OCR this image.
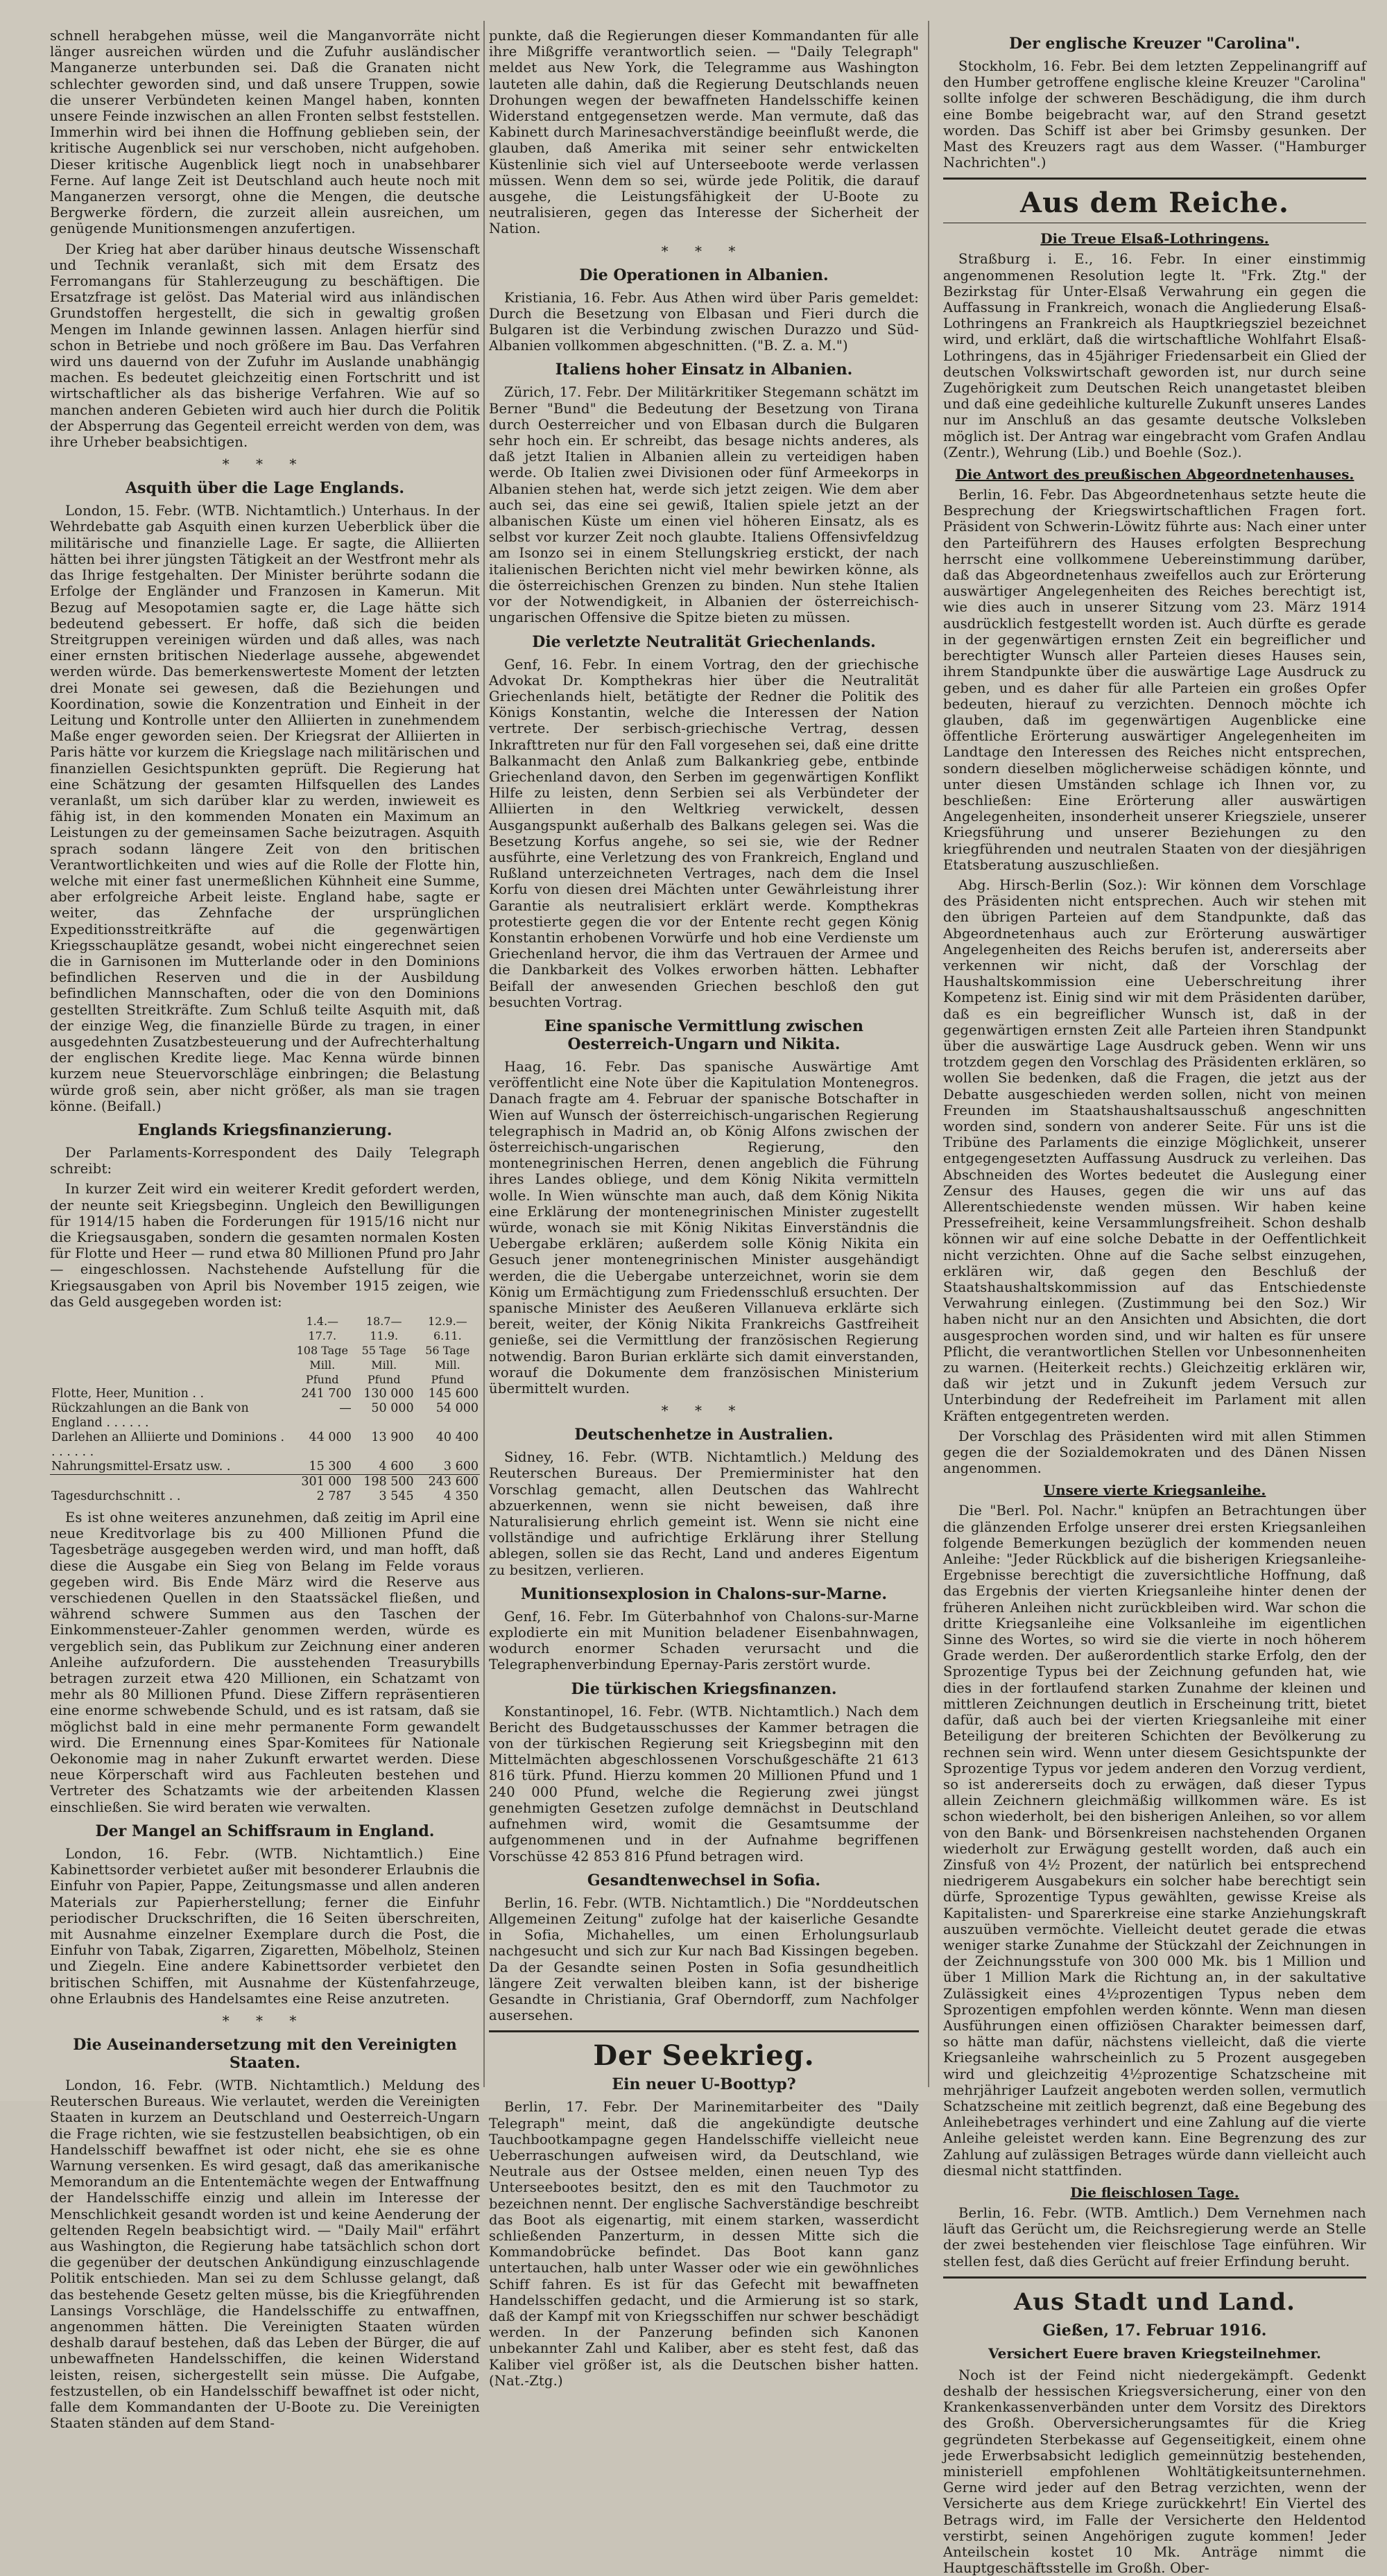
schnell herabgehen müsse, weil die Manganvorräte nicht länger ausreichen würden und die Zufuhr ausländischer Manganerze unterbunden sei. Daß die Granaten nicht schlechter geworden sind, und daß unsere Truppen, sowie die unserer Verbündeten keinen Mangel haben, konnten unsere Feinde inzwischen an allen Fronten selbst feststellen. Immerhin wird bei ihnen die Hoffnung geblieben sein, der kritische Augenblick sei nur verschoben, nicht aufgehoben. Dieser kritische Augenblick liegt noch in unabsehbarer Ferne. Auf lange Zeit ist Deutschland auch heute noch mit Manganerzen versorgt, ohne die Mengen, die deutsche Bergwerke fördern, die zurzeit allein ausreichen, um genügende Munitionsmengen anzufertigen.

Der Krieg hat aber darüber hinaus deutsche Wissenschaft und Technik veranlaßt, sich mit dem Ersatz des Ferromangans für Stahlerzeugung zu beschäftigen. Die Ersatzfrage ist gelöst. Das Material wird aus inländischen Grundstoffen hergestellt, die sich in gewaltig großen Mengen im Inlande gewinnen lassen. Anlagen hierfür sind schon in Betriebe und noch größere im Bau. Das Verfahren wird uns dauernd von der Zufuhr im Auslande unabhängig machen. Es bedeutet gleichzeitig einen Fortschritt und ist wirtschaftlicher als das bisherige Verfahren. Wie auf so manchen anderen Gebieten wird auch hier durch die Politik der Absperrung das Gegenteil erreicht werden von dem, was ihre Urheber beabsichtigen.

* * *
Asquith über die Lage Englands.

London, 15. Febr. (WTB. Nichtamtlich.) Unterhaus. In der Wehrdebatte gab Asquith einen kurzen Ueberblick über die militärische und finanzielle Lage. Er sagte, die Alliierten hätten bei ihrer jüngsten Tätigkeit an der Westfront mehr als das Ihrige festgehalten. Der Minister berührte sodann die Erfolge der Engländer und Franzosen in Kamerun. Mit Bezug auf Mesopotamien sagte er, die Lage hätte sich bedeutend gebessert. Er hoffe, daß sich die beiden Streitgruppen vereinigen würden und daß alles, was nach einer ernsten britischen Niederlage aussehe, abgewendet werden würde. Das bemerkenswerteste Moment der letzten drei Monate sei gewesen, daß die Beziehungen und Koordination, sowie die Konzentration und Einheit in der Leitung und Kontrolle unter den Alliierten in zunehmendem Maße enger geworden seien. Der Kriegsrat der Alliierten in Paris hätte vor kurzem die Kriegslage nach militärischen und finanziellen Gesichtspunkten geprüft. Die Regierung hat eine Schätzung der gesamten Hilfsquellen des Landes veranlaßt, um sich darüber klar zu werden, inwieweit es fähig ist, in den kommenden Monaten ein Maximum an Leistungen zu der gemeinsamen Sache beizutragen. Asquith sprach sodann längere Zeit von den britischen Verantwortlichkeiten und wies auf die Rolle der Flotte hin, welche mit einer fast unermeßlichen Kühnheit eine Summe, aber erfolgreiche Arbeit leiste. England habe, sagte er weiter, das Zehnfache der ursprünglichen Expeditionsstreitkräfte auf die gegenwärtigen Kriegsschauplätze gesandt, wobei nicht eingerechnet seien die in Garnisonen im Mutterlande oder in den Dominions befindlichen Reserven und die in der Ausbildung befindlichen Mannschaften, oder die von den Dominions gestellten Streitkräfte. Zum Schluß teilte Asquith mit, daß der einzige Weg, die finanzielle Bürde zu tragen, in einer ausgedehnten Zusatzbesteuerung und der Aufrechterhaltung der englischen Kredite liege. Mac Kenna würde binnen kurzem neue Steuervorschläge einbringen; die Belastung würde groß sein, aber nicht größer, als man sie tragen könne. (Beifall.)

Englands Kriegsfinanzierung.

Der Parlaments-Korrespondent des Daily Telegraph schreibt:

In kurzer Zeit wird ein weiterer Kredit gefordert werden, der neunte seit Kriegsbeginn. Ungleich den Bewilligungen für 1914/15 haben die Forderungen für 1915/16 nicht nur die Kriegsausgaben, sondern die gesamten normalen Kosten für Flotte und Heer — rund etwa 80 Millionen Pfund pro Jahr — eingeschlossen. Nachstehende Aufstellung für die Kriegsausgaben von April bis November 1915 zeigen, wie das Geld ausgegeben worden ist:

	1.4.—17.7.	18.7—11.9.	12.9.—6.11.
	108 Tage	55 Tage	56 Tage
	Mill. Pfund	Mill. Pfund	Mill. Pfund
Flotte, Heer, Munition . .	241 700	130 000	145 600
Rückzahlungen an die Bank von England . . . . . .	—	50 000	54 000
Darlehen an Alliierte und Dominions . . . . . . .	44 000	13 900	40 400
Nahrungsmittel-Ersatz usw. .	15 300	4 600	3 600
	301 000	198 500	243 600
Tagesdurchschnitt . .	2 787	3 545	4 350

Es ist ohne weiteres anzunehmen, daß zeitig im April eine neue Kreditvorlage bis zu 400 Millionen Pfund die Tagesbeträge ausgegeben werden wird, und man hofft, daß diese die Ausgabe ein Sieg von Belang im Felde voraus gegeben wird. Bis Ende März wird die Reserve aus verschiedenen Quellen in den Staatssäckel fließen, und während schwere Summen aus den Taschen der Einkommensteuer-Zahler genommen werden, würde es vergeblich sein, das Publikum zur Zeichnung einer anderen Anleihe aufzufordern. Die ausstehenden Treasurybills betragen zurzeit etwa 420 Millionen, ein Schatzamt von mehr als 80 Millionen Pfund. Diese Ziffern repräsentieren eine enorme schwebende Schuld, und es ist ratsam, daß sie möglichst bald in eine mehr permanente Form gewandelt wird. Die Ernennung eines Spar-Komitees für Nationale Oekonomie mag in naher Zukunft erwartet werden. Diese neue Körperschaft wird aus Fachleuten bestehen und Vertreter des Schatzamts wie der arbeitenden Klassen einschließen. Sie wird beraten wie verwalten.

Der Mangel an Schiffsraum in England.

London, 16. Febr. (WTB. Nichtamtlich.) Eine Kabinettsorder verbietet außer mit besonderer Erlaubnis die Einfuhr von Papier, Pappe, Zeitungsmasse und allen anderen Materials zur Papierherstellung; ferner die Einfuhr periodischer Druckschriften, die 16 Seiten überschreiten, mit Ausnahme einzelner Exemplare durch die Post, die Einfuhr von Tabak, Zigarren, Zigaretten, Möbelholz, Steinen und Ziegeln. Eine andere Kabinettsorder verbietet den britischen Schiffen, mit Ausnahme der Küstenfahrzeuge, ohne Erlaubnis des Handelsamtes eine Reise anzutreten.

* * *
Die Auseinandersetzung mit den Vereinigten Staaten.

London, 16. Febr. (WTB. Nichtamtlich.) Meldung des Reuterschen Bureaus. Wie verlautet, werden die Vereinigten Staaten in kurzem an Deutschland und Oesterreich-Ungarn die Frage richten, wie sie festzustellen beabsichtigen, ob ein Handelsschiff bewaffnet ist oder nicht, ehe sie es ohne Warnung versenken. Es wird gesagt, daß das amerikanische Memorandum an die Ententemächte wegen der Entwaffnung der Handelsschiffe einzig und allein im Interesse der Menschlichkeit gesandt worden ist und keine Aenderung der geltenden Regeln beabsichtigt wird. — "Daily Mail" erfährt aus Washington, die Regierung habe tatsächlich schon dort die gegenüber der deutschen Ankündigung einzuschlagende Politik entschieden. Man sei zu dem Schlusse gelangt, daß das bestehende Gesetz gelten müsse, bis die Kriegführenden Lansings Vorschläge, die Handelsschiffe zu entwaffnen, angenommen hätten. Die Vereinigten Staaten würden deshalb darauf bestehen, daß das Leben der Bürger, die auf unbewaffneten Handelsschiffen, die keinen Widerstand leisten, reisen, sichergestellt sein müsse. Die Aufgabe, festzustellen, ob ein Handelsschiff bewaffnet ist oder nicht, falle dem Kommandanten der U-Boote zu. Die Vereinigten Staaten ständen auf dem Stand-

punkte, daß die Regierungen dieser Kommandanten für alle ihre Mißgriffe verantwortlich seien. — "Daily Telegraph" meldet aus New York, die Telegramme aus Washington lauteten alle dahin, daß die Regierung Deutschlands neuen Drohungen wegen der bewaffneten Handelsschiffe keinen Widerstand entgegensetzen werde. Man vermute, daß das Kabinett durch Marinesachverständige beeinflußt werde, die glauben, daß Amerika mit seiner sehr entwickelten Küstenlinie sich viel auf Unterseeboote werde verlassen müssen. Wenn dem so sei, würde jede Politik, die darauf ausgehe, die Leistungsfähigkeit der U-Boote zu neutralisieren, gegen das Interesse der Sicherheit der Nation.

* * *
Die Operationen in Albanien.

Kristiania, 16. Febr. Aus Athen wird über Paris gemeldet: Durch die Besetzung von Elbasan und Fieri durch die Bulgaren ist die Verbindung zwischen Durazzo und Süd-Albanien vollkommen abgeschnitten. ("B. Z. a. M.")

Italiens hoher Einsatz in Albanien.

Zürich, 17. Febr. Der Militärkritiker Stegemann schätzt im Berner "Bund" die Bedeutung der Besetzung von Tirana durch Oesterreicher und von Elbasan durch die Bulgaren sehr hoch ein. Er schreibt, das besage nichts anderes, als daß jetzt Italien in Albanien allein zu verteidigen haben werde. Ob Italien zwei Divisionen oder fünf Armeekorps in Albanien stehen hat, werde sich jetzt zeigen. Wie dem aber auch sei, das eine sei gewiß, Italien spiele jetzt an der albanischen Küste um einen viel höheren Einsatz, als es selbst vor kurzer Zeit noch glaubte. Italiens Offensivfeldzug am Isonzo sei in einem Stellungskrieg erstickt, der nach italienischen Berichten nicht viel mehr bewirken könne, als die österreichischen Grenzen zu binden. Nun stehe Italien vor der Notwendigkeit, in Albanien der österreichisch-ungarischen Offensive die Spitze bieten zu müssen.

Die verletzte Neutralität Griechenlands.

Genf, 16. Febr. In einem Vortrag, den der griechische Advokat Dr. Kompthekras hier über die Neutralität Griechenlands hielt, betätigte der Redner die Politik des Königs Konstantin, welche die Interessen der Nation vertrete. Der serbisch-griechische Vertrag, dessen Inkrafttreten nur für den Fall vorgesehen sei, daß eine dritte Balkanmacht den Anlaß zum Balkankrieg gebe, entbinde Griechenland davon, den Serben im gegenwärtigen Konflikt Hilfe zu leisten, denn Serbien sei als Verbündeter der Alliierten in den Weltkrieg verwickelt, dessen Ausgangspunkt außerhalb des Balkans gelegen sei. Was die Besetzung Korfus angehe, so sei sie, wie der Redner ausführte, eine Verletzung des von Frankreich, England und Rußland unterzeichneten Vertrages, nach dem die Insel Korfu von diesen drei Mächten unter Gewährleistung ihrer Garantie als neutralisiert erklärt werde. Kompthekras protestierte gegen die vor der Entente recht gegen König Konstantin erhobenen Vorwürfe und hob eine Verdienste um Griechenland hervor, die ihm das Vertrauen der Armee und die Dankbarkeit des Volkes erworben hätten. Lebhafter Beifall der anwesenden Griechen beschloß den gut besuchten Vortrag.

Eine spanische Vermittlung zwischen Oesterreich-Ungarn und Nikita.

Haag, 16. Febr. Das spanische Auswärtige Amt veröffentlicht eine Note über die Kapitulation Montenegros. Danach fragte am 4. Februar der spanische Botschafter in Wien auf Wunsch der österreichisch-ungarischen Regierung telegraphisch in Madrid an, ob König Alfons zwischen der österreichisch-ungarischen Regierung, den montenegrinischen Herren, denen angeblich die Führung ihres Landes obliege, und dem König Nikita vermitteln wolle. In Wien wünschte man auch, daß dem König Nikita eine Erklärung der montenegrinischen Minister zugestellt würde, wonach sie mit König Nikitas Einverständnis die Uebergabe erklären; außerdem solle König Nikita ein Gesuch jener montenegrinischen Minister ausgehändigt werden, die die Uebergabe unterzeichnet, worin sie dem König um Ermächtigung zum Friedensschluß ersuchten. Der spanische Minister des Aeußeren Villanueva erklärte sich bereit, weiter, der König Nikita Frankreichs Gastfreiheit genieße, sei die Vermittlung der französischen Regierung notwendig. Baron Burian erklärte sich damit einverstanden, worauf die Dokumente dem französischen Ministerium übermittelt wurden.

* * *
Deutschenhetze in Australien.

Sidney, 16. Febr. (WTB. Nichtamtlich.) Meldung des Reuterschen Bureaus. Der Premierminister hat den Vorschlag gemacht, allen Deutschen das Wahlrecht abzuerkennen, wenn sie nicht beweisen, daß ihre Naturalisierung ehrlich gemeint ist. Wenn sie nicht eine vollständige und aufrichtige Erklärung ihrer Stellung ablegen, sollen sie das Recht, Land und anderes Eigentum zu besitzen, verlieren.

Munitionsexplosion in Chalons-sur-Marne.

Genf, 16. Febr. Im Güterbahnhof von Chalons-sur-Marne explodierte ein mit Munition beladener Eisenbahnwagen, wodurch enormer Schaden verursacht und die Telegraphenverbindung Epernay-Paris zerstört wurde.

Die türkischen Kriegsfinanzen.

Konstantinopel, 16. Febr. (WTB. Nichtamtlich.) Nach dem Bericht des Budgetausschusses der Kammer betragen die von der türkischen Regierung seit Kriegsbeginn mit den Mittelmächten abgeschlossenen Vorschußgeschäfte 21 613 816 türk. Pfund. Hierzu kommen 20 Millionen Pfund und 1 240 000 Pfund, welche die Regierung zwei jüngst genehmigten Gesetzen zufolge demnächst in Deutschland aufnehmen wird, womit die Gesamtsumme der aufgenommenen und in der Aufnahme begriffenen Vorschüsse 42 853 816 Pfund betragen wird.

Gesandtenwechsel in Sofia.

Berlin, 16. Febr. (WTB. Nichtamtlich.) Die "Norddeutschen Allgemeinen Zeitung" zufolge hat der kaiserliche Gesandte in Sofia, Michahelles, um einen Erholungsurlaub nachgesucht und sich zur Kur nach Bad Kissingen begeben. Da der Gesandte seinen Posten in Sofia gesundheitlich längere Zeit verwalten bleiben kann, ist der bisherige Gesandte in Christiania, Graf Oberndorff, zum Nachfolger ausersehen.

Der Seekrieg.
Ein neuer U-Boottyp?

Berlin, 17. Febr. Der Marinemitarbeiter des "Daily Telegraph" meint, daß die angekündigte deutsche Tauchbootkampagne gegen Handelsschiffe vielleicht neue Ueberraschungen aufweisen wird, da Deutschland, wie Neutrale aus der Ostsee melden, einen neuen Typ des Unterseebootes besitzt, den es mit den Tauchmotor zu bezeichnen nennt. Der englische Sachverständige beschreibt das Boot als eigenartig, mit einem starken, wasserdicht schließenden Panzerturm, in dessen Mitte sich die Kommandobrücke befindet. Das Boot kann ganz untertauchen, halb unter Wasser oder wie ein gewöhnliches Schiff fahren. Es ist für das Gefecht mit bewaffneten Handelsschiffen gedacht, und die Armierung ist so stark, daß der Kampf mit von Kriegsschiffen nur schwer beschädigt werden. In der Panzerung befinden sich Kanonen unbekannter Zahl und Kaliber, aber es steht fest, daß das Kaliber viel größer ist, als die Deutschen bisher hatten. (Nat.-Ztg.)

Der englische Kreuzer "Carolina".

Stockholm, 16. Febr. Bei dem letzten Zeppelinangriff auf den Humber getroffene englische kleine Kreuzer "Carolina" sollte infolge der schweren Beschädigung, die ihm durch eine Bombe beigebracht war, auf den Strand gesetzt worden. Das Schiff ist aber bei Grimsby gesunken. Der Mast des Kreuzers ragt aus dem Wasser. ("Hamburger Nachrichten".)

Aus dem Reiche.
Die Treue Elsaß-Lothringens.

Straßburg i. E., 16. Febr. In einer einstimmig angenommenen Resolution legte lt. "Frk. Ztg." der Bezirkstag für Unter-Elsaß Verwahrung ein gegen die Auffassung in Frankreich, wonach die Angliederung Elsaß-Lothringens an Frankreich als Hauptkriegsziel bezeichnet wird, und erklärt, daß die wirtschaftliche Wohlfahrt Elsaß-Lothringens, das in 45jähriger Friedensarbeit ein Glied der deutschen Volkswirtschaft geworden ist, nur durch seine Zugehörigkeit zum Deutschen Reich unangetastet bleiben und daß eine gedeihliche kulturelle Zukunft unseres Landes nur im Anschluß an das gesamte deutsche Volksleben möglich ist. Der Antrag war eingebracht vom Grafen Andlau (Zentr.), Wehrung (Lib.) und Boehle (Soz.).

Die Antwort des preußischen Abgeordnetenhauses.

Berlin, 16. Febr. Das Abgeordnetenhaus setzte heute die Besprechung der Kriegswirtschaftlichen Fragen fort. Präsident von Schwerin-Löwitz führte aus: Nach einer unter den Parteiführern des Hauses erfolgten Besprechung herrscht eine vollkommene Uebereinstimmung darüber, daß das Abgeordnetenhaus zweifellos auch zur Erörterung auswärtiger Angelegenheiten des Reiches berechtigt ist, wie dies auch in unserer Sitzung vom 23. März 1914 ausdrücklich festgestellt worden ist. Auch dürfte es gerade in der gegenwärtigen ernsten Zeit ein begreiflicher und berechtigter Wunsch aller Parteien dieses Hauses sein, ihrem Standpunkte über die auswärtige Lage Ausdruck zu geben, und es daher für alle Parteien ein großes Opfer bedeuten, hierauf zu verzichten. Dennoch möchte ich glauben, daß im gegenwärtigen Augenblicke eine öffentliche Erörterung auswärtiger Angelegenheiten im Landtage den Interessen des Reiches nicht entsprechen, sondern dieselben möglicherweise schädigen könnte, und unter diesen Umständen schlage ich Ihnen vor, zu beschließen: Eine Erörterung aller auswärtigen Angelegenheiten, insonderheit unserer Kriegsziele, unserer Kriegsführung und unserer Beziehungen zu den kriegführenden und neutralen Staaten von der diesjährigen Etatsberatung auszuschließen.

Abg. Hirsch-Berlin (Soz.): Wir können dem Vorschlage des Präsidenten nicht entsprechen. Auch wir stehen mit den übrigen Parteien auf dem Standpunkte, daß das Abgeordnetenhaus auch zur Erörterung auswärtiger Angelegenheiten des Reichs berufen ist, andererseits aber verkennen wir nicht, daß der Vorschlag der Haushaltskommission eine Ueberschreitung ihrer Kompetenz ist. Einig sind wir mit dem Präsidenten darüber, daß es ein begreiflicher Wunsch ist, daß in der gegenwärtigen ernsten Zeit alle Parteien ihren Standpunkt über die auswärtige Lage Ausdruck geben. Wenn wir uns trotzdem gegen den Vorschlag des Präsidenten erklären, so wollen Sie bedenken, daß die Fragen, die jetzt aus der Debatte ausgeschieden werden sollen, nicht von meinen Freunden im Staatshaushaltsausschuß angeschnitten worden sind, sondern von anderer Seite. Für uns ist die Tribüne des Parlaments die einzige Möglichkeit, unserer entgegengesetzten Auffassung Ausdruck zu verleihen. Das Abschneiden des Wortes bedeutet die Auslegung einer Zensur des Hauses, gegen die wir uns auf das Allerentschiedenste wenden müssen. Wir haben keine Pressefreiheit, keine Versammlungsfreiheit. Schon deshalb können wir auf eine solche Debatte in der Oeffentlichkeit nicht verzichten. Ohne auf die Sache selbst einzugehen, erklären wir, daß gegen den Beschluß der Staatshaushaltskommission auf das Entschiedenste Verwahrung einlegen. (Zustimmung bei den Soz.) Wir haben nicht nur an den Ansichten und Absichten, die dort ausgesprochen worden sind, und wir halten es für unsere Pflicht, die verantwortlichen Stellen vor Unbesonnenheiten zu warnen. (Heiterkeit rechts.) Gleichzeitig erklären wir, daß wir jetzt und in Zukunft jedem Versuch zur Unterbindung der Redefreiheit im Parlament mit allen Kräften entgegentreten werden.

Der Vorschlag des Präsidenten wird mit allen Stimmen gegen die der Sozialdemokraten und des Dänen Nissen angenommen.

Unsere vierte Kriegsanleihe.

Die "Berl. Pol. Nachr." knüpfen an Betrachtungen über die glänzenden Erfolge unserer drei ersten Kriegsanleihen folgende Bemerkungen bezüglich der kommenden neuen Anleihe: "Jeder Rückblick auf die bisherigen Kriegsanleihe-Ergebnisse berechtigt die zuversichtliche Hoffnung, daß das Ergebnis der vierten Kriegsanleihe hinter denen der früheren Anleihen nicht zurückbleiben wird. War schon die dritte Kriegsanleihe eine Volksanleihe im eigentlichen Sinne des Wortes, so wird sie die vierte in noch höherem Grade werden. Der außerordentlich starke Erfolg, den der Sprozentige Typus bei der Zeichnung gefunden hat, wie dies in der fortlaufend starken Zunahme der kleinen und mittleren Zeichnungen deutlich in Erscheinung tritt, bietet dafür, daß auch bei der vierten Kriegsanleihe mit einer Beteiligung der breiteren Schichten der Bevölkerung zu rechnen sein wird. Wenn unter diesem Gesichtspunkte der Sprozentige Typus vor jedem anderen den Vorzug verdient, so ist andererseits doch zu erwägen, daß dieser Typus allein Zeichnern gleichmäßig willkommen wäre. Es ist schon wiederholt, bei den bisherigen Anleihen, so vor allem von den Bank- und Börsenkreisen nachstehenden Organen wiederholt zur Erwägung gestellt worden, daß auch ein Zinsfuß von 4½ Prozent, der natürlich bei entsprechend niedrigerem Ausgabekurs ein solcher habe berechtigt sein dürfe, Sprozentige Typus gewählten, gewisse Kreise als Kapitalisten- und Sparerkreise eine starke Anziehungskraft auszuüben vermöchte. Vielleicht deutet gerade die etwas weniger starke Zunahme der Stückzahl der Zeichnungen in der Zeichnungsstufe von 300 000 Mk. bis 1 Million und über 1 Million Mark die Richtung an, in der sakultative Zulässigkeit eines 4½prozentigen Typus neben dem Sprozentigen empfohlen werden könnte. Wenn man diesen Ausführungen einen offiziösen Charakter beimessen darf, so hätte man dafür, nächstens vielleicht, daß die vierte Kriegsanleihe wahrscheinlich zu 5 Prozent ausgegeben wird und gleichzeitig 4½prozentige Schatzscheine mit mehrjähriger Laufzeit angeboten werden sollen, vermutlich Schatzscheine mit zeitlich begrenzt, daß eine Begebung des Anleihebetrages verhindert und eine Zahlung auf die vierte Anleihe geleistet werden kann. Eine Begrenzung des zur Zahlung auf zulässigen Betrages würde dann vielleicht auch diesmal nicht stattfinden.

Die fleischlosen Tage.

Berlin, 16. Febr. (WTB. Amtlich.) Dem Vernehmen nach läuft das Gerücht um, die Reichsregierung werde an Stelle der zwei bestehenden vier fleischlose Tage einführen. Wir stellen fest, daß dies Gerücht auf freier Erfindung beruht.

Aus Stadt und Land.
Gießen, 17. Februar 1916.
Versichert Euere braven Kriegsteilnehmer.

Noch ist der Feind nicht niedergekämpft. Gedenkt deshalb der hessischen Kriegsversicherung, einer von den Krankenkassenverbänden unter dem Vorsitz des Direktors des Großh. Oberversicherungsamtes für die Krieg gegründeten Sterbekasse auf Gegenseitigkeit, einem ohne jede Erwerbsabsicht lediglich gemeinnützig bestehenden, ministeriell empfohlenen Wohltätigkeitsunternehmen. Gerne wird jeder auf den Betrag verzichten, wenn der Versicherte aus dem Kriege zurückkehrt! Ein Viertel des Betrags wird, im Falle der Versicherte den Heldentod verstirbt, seinen Angehörigen zugute kommen! Jeder Anteilschein kostet 10 Mk. Anträge nimmt die Hauptgeschäftsstelle im Großh. Ober-
